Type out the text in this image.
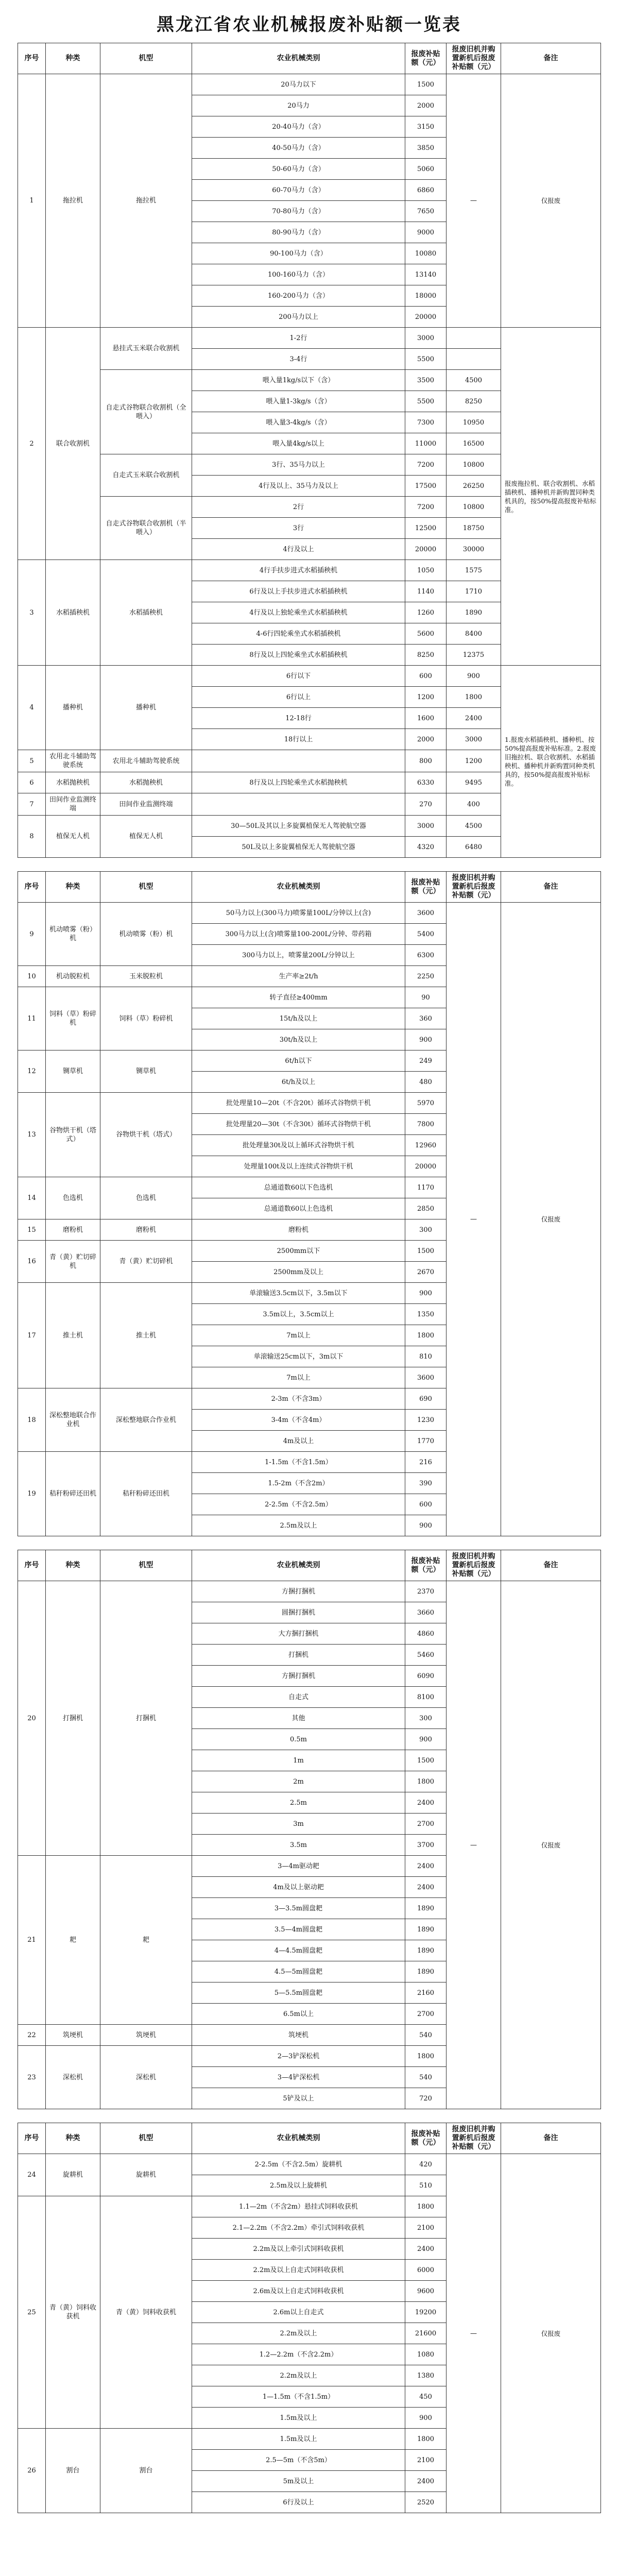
黑龙江省农业机械报废补贴额一览表
序号	种类	机型	农业机械类别	报废补贴额（元）	报废旧机并购置新机后报废补贴额（元）	备注
1	拖拉机	拖拉机	20马力以下	1500	—	仅报废
			20马力	2000		
			20-40马力（含）	3150		
			40-50马力（含）	3850		
			50-60马力（含）	5060		
			60-70马力（含）	6860		
			70-80马力（含）	7650		
			80-90马力（含）	9000		
			90-100马力（含）	10080		
			100-160马力（含）	13140		
			160-200马力（含）	18000		
			200马力以上	20000		
2	联合收割机	悬挂式玉米联合收割机	1-2行	3000		报废拖拉机、联合收割机、水稻插秧机、播种机并新购置同种类机具的，按50%提高报废补贴标准。
			3-4行	5500		
		自走式谷物联合收割机（全喂入）	喂入量1kg/s以下（含）	3500	4500	
			喂入量1-3kg/s（含）	5500	8250	
			喂入量3-4kg/s（含）	7300	10950	
			喂入量4kg/s以上	11000	16500	
		自走式玉米联合收割机	3行、35马力以上	7200	10800	
			4行及以上、35马力及以上	17500	26250	
		自走式谷物联合收割机（半喂入）	2行	7200	10800	
			3行	12500	18750	
			4行及以上	20000	30000	
3	水稻插秧机	水稻插秧机	4行手扶步进式水稻插秧机	1050	1575	
			6行及以上手扶步进式水稻插秧机	1140	1710	
			4行及以上独轮乘坐式水稻插秧机	1260	1890	
			4-6行四轮乘坐式水稻插秧机	5600	8400	
			8行及以上四轮乘坐式水稻插秧机	8250	12375	
4	播种机	播种机	6行以下	600	900	1.报废水稻插秧机、播种机、按50%提高报废补贴标准。2.报废旧拖拉机、联合收割机、水稻插秧机、播种机并新购置同种类机具的，按50%提高报废补贴标准。
			6行以上	1200	1800	
			12-18行	1600	2400	
			18行以上	2000	3000	
5	农用北斗辅助驾驶系统	农用北斗辅助驾驶系统		800	1200	
6	水稻抛秧机	水稻抛秧机	8行及以上四轮乘坐式水稻抛秧机	6330	9495	
7	田间作业监测终端	田间作业监测终端		270	400	
8	植保无人机	植保无人机	30—50L及其以上多旋翼植保无人驾驶航空器	3000	4500	
			50L及以上多旋翼植保无人驾驶航空器	4320	6480	
序号	种类	机型	农业机械类别	报废补贴额（元）	报废旧机并购置新机后报废补贴额（元）	备注
9	机动喷雾（粉）机	机动喷雾（粉）机	50马力以上(300马力)喷雾量100L/分钟以上(含)	3600	—	仅报废
			300马力以上(含)喷雾量100-200L/分钟、带药箱	5400		
			300马力以上，喷雾量200L/分钟以上	6300		
10	机动脱粒机	玉米脱粒机	生产率≥2t/h	2250		
11	饲料（草）粉碎机	饲料（草）粉碎机	转子直径≥400mm	90		
			15t/h及以上	360		
			30t/h及以上	900		
12	铡草机	铡草机	6t/h以下	249		
			6t/h及以上	480		
13	谷物烘干机（塔式）	谷物烘干机（塔式）	批处理量10—20t（不含20t）循环式谷物烘干机	5970		
			批处理量20—30t（不含30t）循环式谷物烘干机	7800		
			批处理量30t及以上循环式谷物烘干机	12960		
			处理量100t及以上连续式谷物烘干机	20000		
14	色选机	色选机	总通道数60以下色选机	1170		
			总通道数60以上色选机	2850		
15	磨粉机	磨粉机	磨粉机	300		
16	青（黄）贮切碎机	青（黄）贮切碎机	2500mm以下	1500		
			2500mm及以上	2670		
17	推土机	推土机	单滚输送3.5cm以下，3.5m以下	900		
			3.5m以上，3.5cm以上	1350		
			7m以上	1800		
			单滚输送25cm以下，3m以下	810		
			7m以上	3600		
18	深松整地联合作业机	深松整地联合作业机	2-3m（不含3m）	690		
			3-4m（不含4m）	1230		
			4m及以上	1770		
19	秸秆粉碎还田机	秸秆粉碎还田机	1-1.5m（不含1.5m）	216		
			1.5-2m（不含2m）	390		
			2-2.5m（不含2.5m）	600		
			2.5m及以上	900		
序号	种类	机型	农业机械类别	报废补贴额（元）	报废旧机并购置新机后报废补贴额（元）	备注
20	打捆机	打捆机	方捆打捆机	2370	—	仅报废
			圆捆打捆机	3660		
			大方捆打捆机	4860		
			打捆机	5460		
			方捆打捆机	6090		
			自走式	8100		
			其他	300		
			0.5m	900		
			1m	1500		
			2m	1800		
			2.5m	2400		
			3m	2700		
			3.5m	3700		
21	耙	耙	3—4m驱动耙	2400		
			4m及以上驱动耙	2400		
			3—3.5m圆盘耙	1890		
			3.5—4m圆盘耙	1890		
			4—4.5m圆盘耙	1890		
			4.5—5m圆盘耙	1890		
			5—5.5m圆盘耙	2160		
			6.5m以上	2700		
22	筑埂机	筑埂机	筑埂机	540		
23	深松机	深松机	2—3铲深松机	1800		
			3—4铲深松机	540		
			5铲及以上	720		
序号	种类	机型	农业机械类别	报废补贴额（元）	报废旧机并购置新机后报废补贴额（元）	备注
24	旋耕机	旋耕机	2-2.5m（不含2.5m）旋耕机	420	—	仅报废
			2.5m及以上旋耕机	510		
25	青（黄）饲料收获机	青（黄）饲料收获机	1.1—2m（不含2m）悬挂式饲料收获机	1800		
			2.1—2.2m（不含2.2m）牵引式饲料收获机	2100		
			2.2m及以上牵引式饲料收获机	2400		
			2.2m及以上自走式饲料收获机	6000		
			2.6m及以上自走式饲料收获机	9600		
			2.6m以上自走式	19200		
			2.2m及以上	21600		
			1.2—2.2m（不含2.2m）	1080		
			2.2m及以上	1380		
			1—1.5m（不含1.5m）	450		
			1.5m及以上	900		
26	割台	割台	1.5m及以上	1800		
			2.5—5m（不含5m）	2100		
			5m及以上	2400		
			6行及以上	2520		
